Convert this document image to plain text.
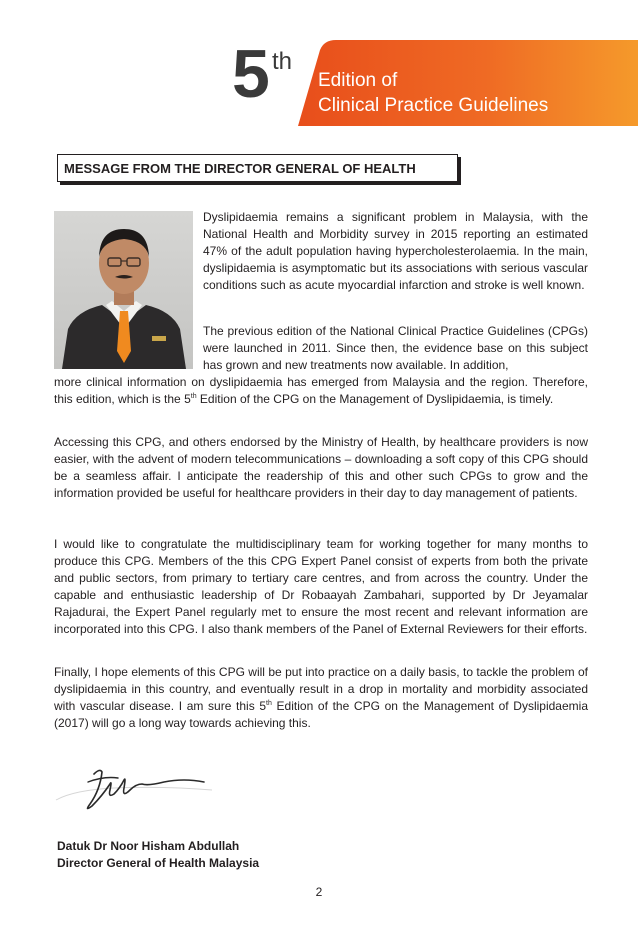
5 th
Edition of
Clinical Practice Guidelines
MESSAGE FROM THE DIRECTOR GENERAL OF HEALTH
Dyslipidaemia remains a significant problem in Malaysia, with the National Health and Morbidity survey in 2015 reporting an estimated 47% of the adult population having hypercholesterolaemia. In the main, dyslipidaemia is asymptomatic but its associations with serious vascular conditions such as acute myocardial infarction and stroke is well known.
The previous edition of the National Clinical Practice Guidelines (CPGs) were launched in 2011. Since then, the evidence base on this subject has grown and new treatments now available. In addition,
more clinical information on dyslipidaemia has emerged from Malaysia and the region. Therefore, this edition, which is the 5th Edition of the CPG on the Management of Dyslipidaemia, is timely.
Accessing this CPG, and others endorsed by the Ministry of Health, by healthcare providers is now easier, with the advent of modern telecommunications – downloading a soft copy of this CPG should be a seamless affair. I anticipate the readership of this and other such CPGs to grow and the information provided be useful for healthcare providers in their day to day management of patients.
I would like to congratulate the multidisciplinary team for working together for many months to produce this CPG. Members of the this CPG Expert Panel consist of experts from both the private and public sectors, from primary to tertiary care centres, and from across the country. Under the capable and enthusiastic leadership of Dr Robaayah Zambahari, supported by Dr Jeyamalar Rajadurai, the Expert Panel regularly met to ensure the most recent and relevant information are incorporated into this CPG. I also thank members of the Panel of External Reviewers for their efforts.
Finally, I hope elements of this CPG will be put into practice on a daily basis, to tackle the problem of dyslipidaemia in this country, and eventually result in a drop in mortality and morbidity associated with vascular disease. I am sure this 5th Edition of the CPG on the Management of Dyslipidaemia (2017) will go a long way towards achieving this.
Datuk Dr Noor Hisham Abdullah
Director General of Health Malaysia
2
